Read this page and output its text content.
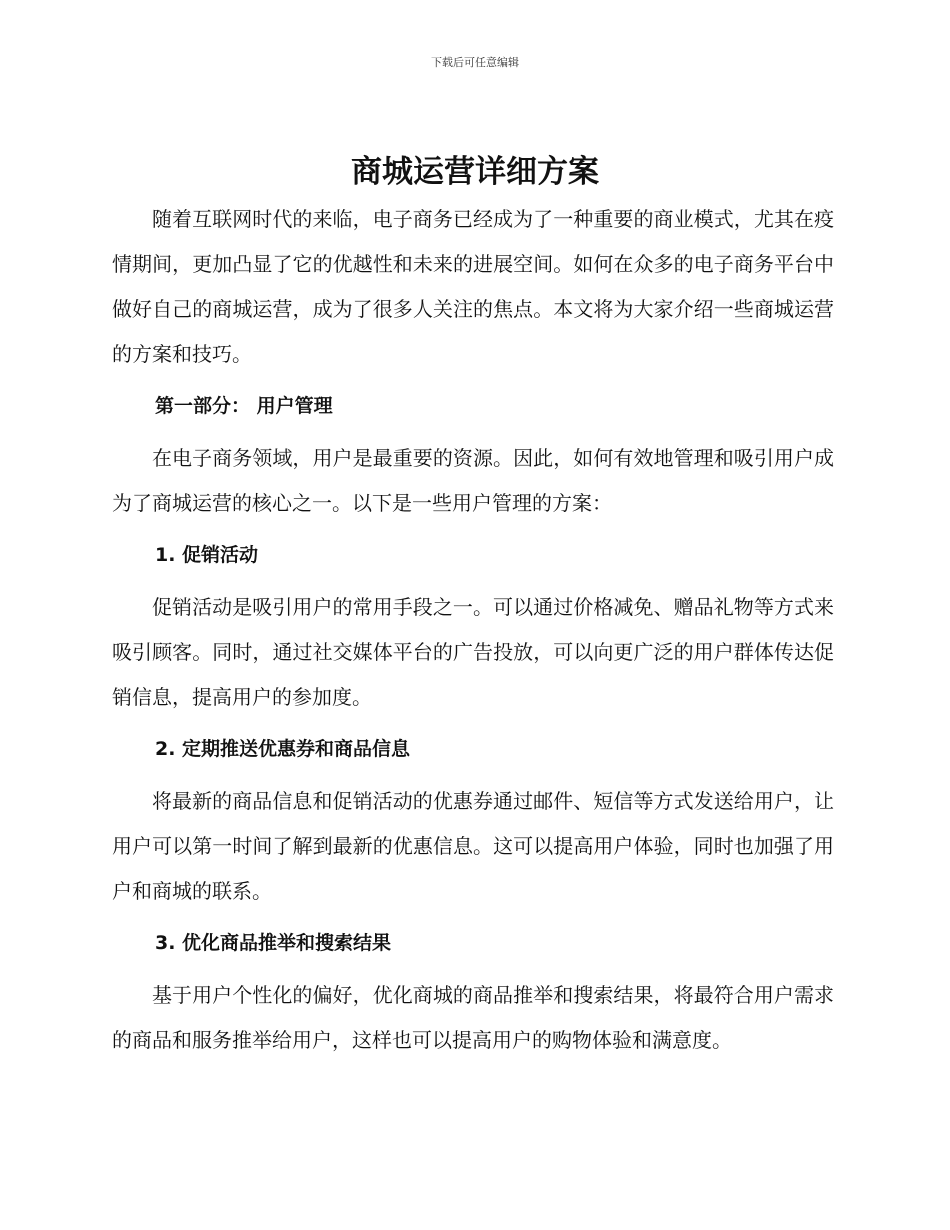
下载后可任意编辑
商城运营详细方案

随着互联网时代的来临，电子商务已经成为了一种重要的商业模式，尤其在疫情期间，更加凸显了它的优越性和未来的进展空间。如何在众多的电子商务平台中做好自己的商城运营，成为了很多人关注的焦点。本文将为大家介绍一些商城运营的方案和技巧。

第一部分： 用户管理

在电子商务领域，用户是最重要的资源。因此，如何有效地管理和吸引用户成为了商城运营的核心之一。以下是一些用户管理的方案：

1. 促销活动

促销活动是吸引用户的常用手段之一。可以通过价格减免、赠品礼物等方式来吸引顾客。同时，通过社交媒体平台的广告投放，可以向更广泛的用户群体传达促销信息，提高用户的参加度。

2. 定期推送优惠券和商品信息

将最新的商品信息和促销活动的优惠券通过邮件、短信等方式发送给用户，让用户可以第一时间了解到最新的优惠信息。这可以提高用户体验，同时也加强了用户和商城的联系。

3. 优化商品推举和搜索结果

基于用户个性化的偏好，优化商城的商品推举和搜索结果，将最符合用户需求的商品和服务推举给用户，这样也可以提高用户的购物体验和满意度。
